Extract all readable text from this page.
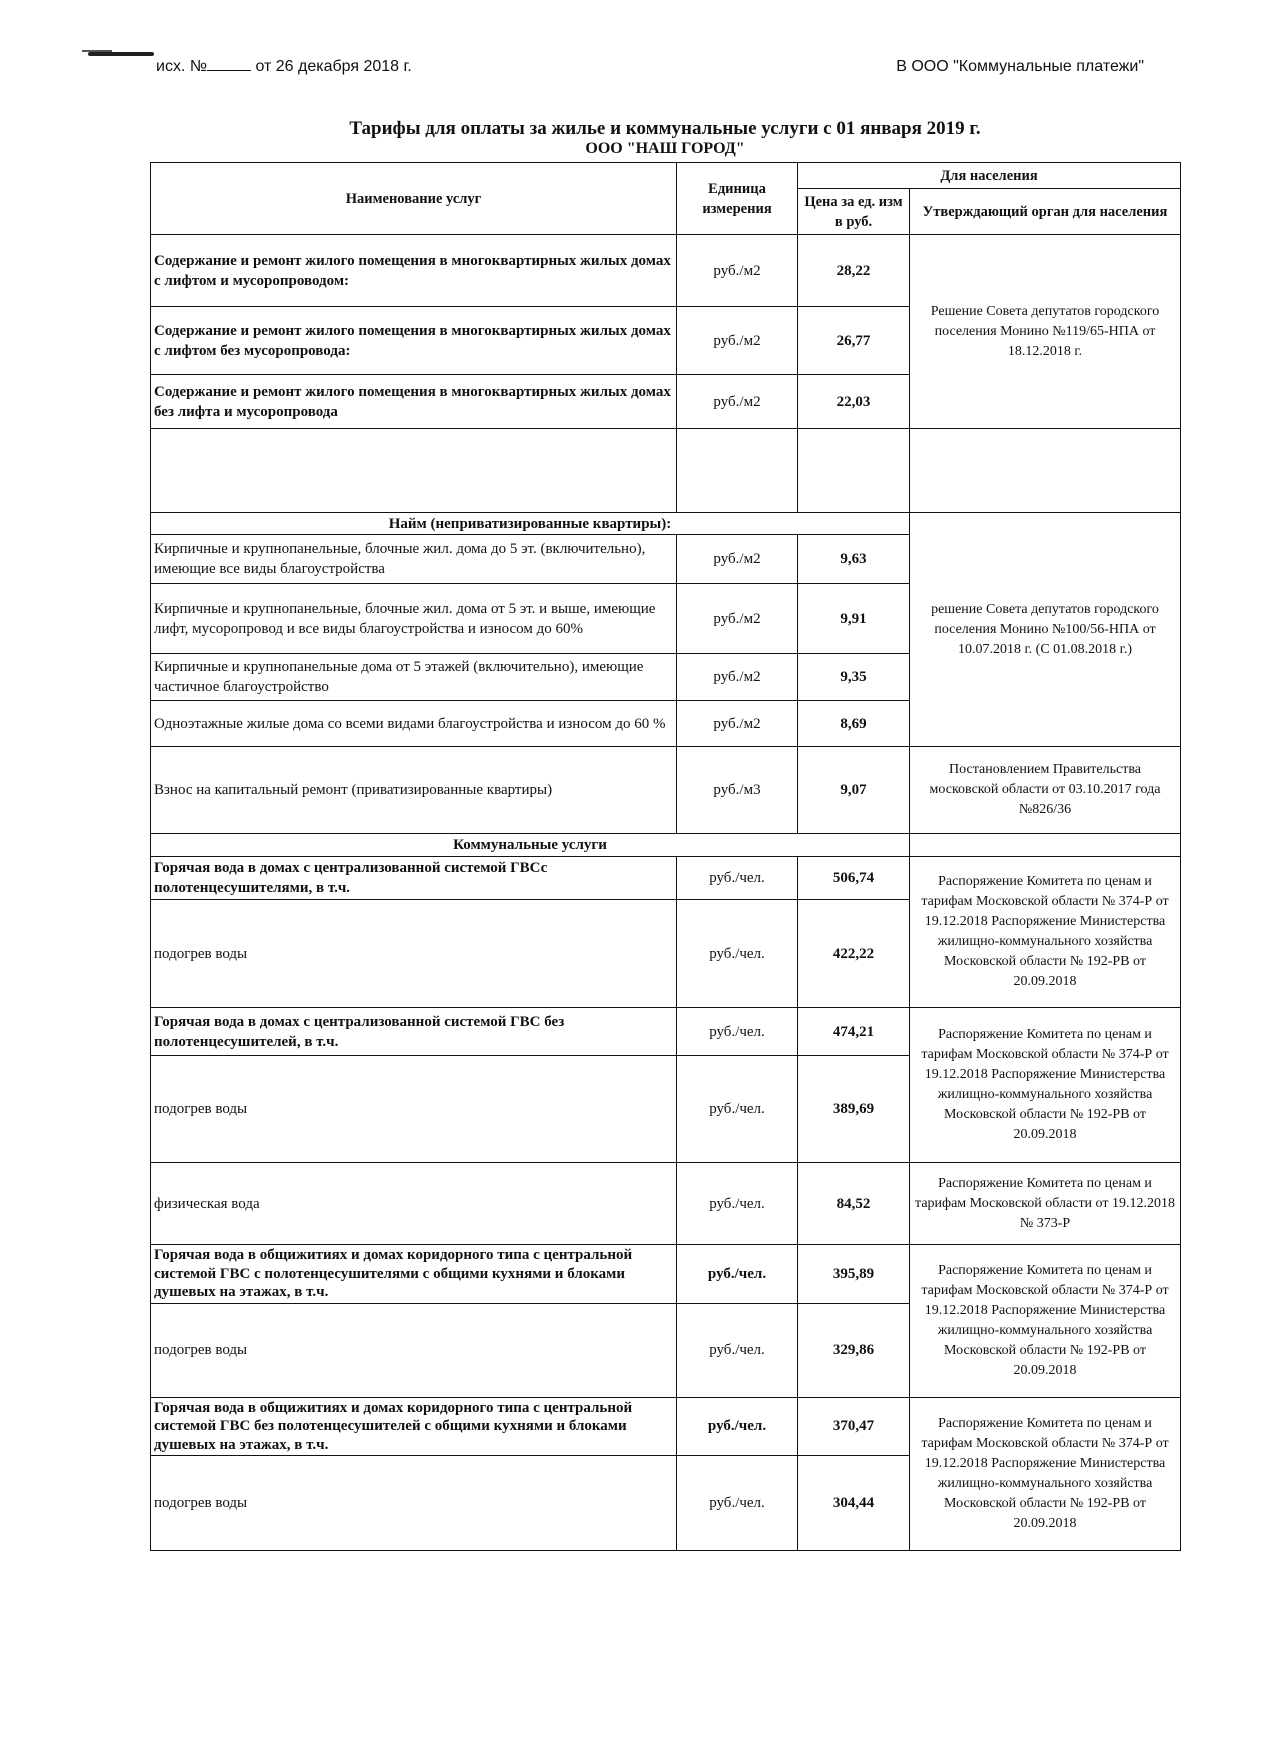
исх. №	от 26 декабря 2018 г.	В ООО "Коммунальные платежи"
Тарифы для оплаты за жилье и коммунальные услуги с 01 января 2019 г.
ООО "НАШ ГОРОД"
Наименование услуг	Единица измерения	Для населения	
		Цена за ед. изм в руб.	Утверждающий орган для населения
Содержание и ремонт жилого помещения в многоквартирных жилых домах с лифтом и мусоропроводом:	руб./м2	28,22	Решение Совета депутатов городского поселения Монино №119/65-НПА от 18.12.2018 г.
Содержание и ремонт жилого помещения в многоквартирных жилых домах с лифтом без мусоропровода:	руб./м2	26,77	
Содержание и ремонт жилого помещения в многоквартирных жилых домах без лифта и мусоропровода	руб./м2	22,03	

Найм (неприватизированные квартиры):			решение Совета депутатов городского поселения Монино №100/56-НПА от 10.07.2018 г. (С 01.08.2018 г.)
Кирпичные и крупнопанельные, блочные жил. дома до 5 эт. (включительно), имеющие все виды благоустройства	руб./м2	9,63	
Кирпичные и крупнопанельные, блочные жил. дома от 5 эт. и выше, имеющие лифт, мусоропровод и все виды благоустройства и износом до 60%	руб./м2	9,91	
Кирпичные и крупнопанельные дома от 5 этажей (включительно), имеющие частичное благоустройство	руб./м2	9,35	
Одноэтажные жилые дома со всеми видами благоустройства и износом до 60 %	руб./м2	8,69	
Взнос на капитальный ремонт (приватизированные квартиры)	руб./м3	9,07	Постановлением Правительства московской области от 03.10.2017 года №826/36
Коммунальные услуги			
Горячая вода в домах с централизованной системой ГВСс полотенцесушителями, в т.ч.	руб./чел.	506,74	Распоряжение Комитета по ценам и тарифам Московской области № 374-Р от 19.12.2018 Распоряжение Министерства жилищно-коммунального хозяйства Московской области № 192-РВ от 20.09.2018
подогрев воды	руб./чел.	422,22	
Горячая вода в домах с централизованной системой ГВС без полотенцесушителей, в т.ч.	руб./чел.	474,21	Распоряжение Комитета по ценам и тарифам Московской области № 374-Р от 19.12.2018 Распоряжение Министерства жилищно-коммунального хозяйства Московской области № 192-РВ от 20.09.2018
подогрев воды	руб./чел.	389,69	
физическая вода	руб./чел.	84,52	Распоряжение Комитета по ценам и тарифам Московской области от 19.12.2018 № 373-Р
Горячая вода в общижитиях и домах коридорного типа с центральной системой ГВС с полотенцесушителями с общими кухнями и блоками душевых на этажах, в т.ч.	руб./чел.	395,89	Распоряжение Комитета по ценам и тарифам Московской области № 374-Р от 19.12.2018 Распоряжение Министерства жилищно-коммунального хозяйства Московской области № 192-РВ от 20.09.2018
подогрев воды	руб./чел.	329,86	
Горячая вода в общижитиях и домах коридорного типа с центральной системой ГВС без полотенцесушителей с общими кухнями и блоками душевых на этажах, в т.ч.	руб./чел.	370,47	Распоряжение Комитета по ценам и тарифам Московской области № 374-Р от 19.12.2018 Распоряжение Министерства жилищно-коммунального хозяйства Московской области № 192-РВ от 20.09.2018
подогрев воды	руб./чел.	304,44	
